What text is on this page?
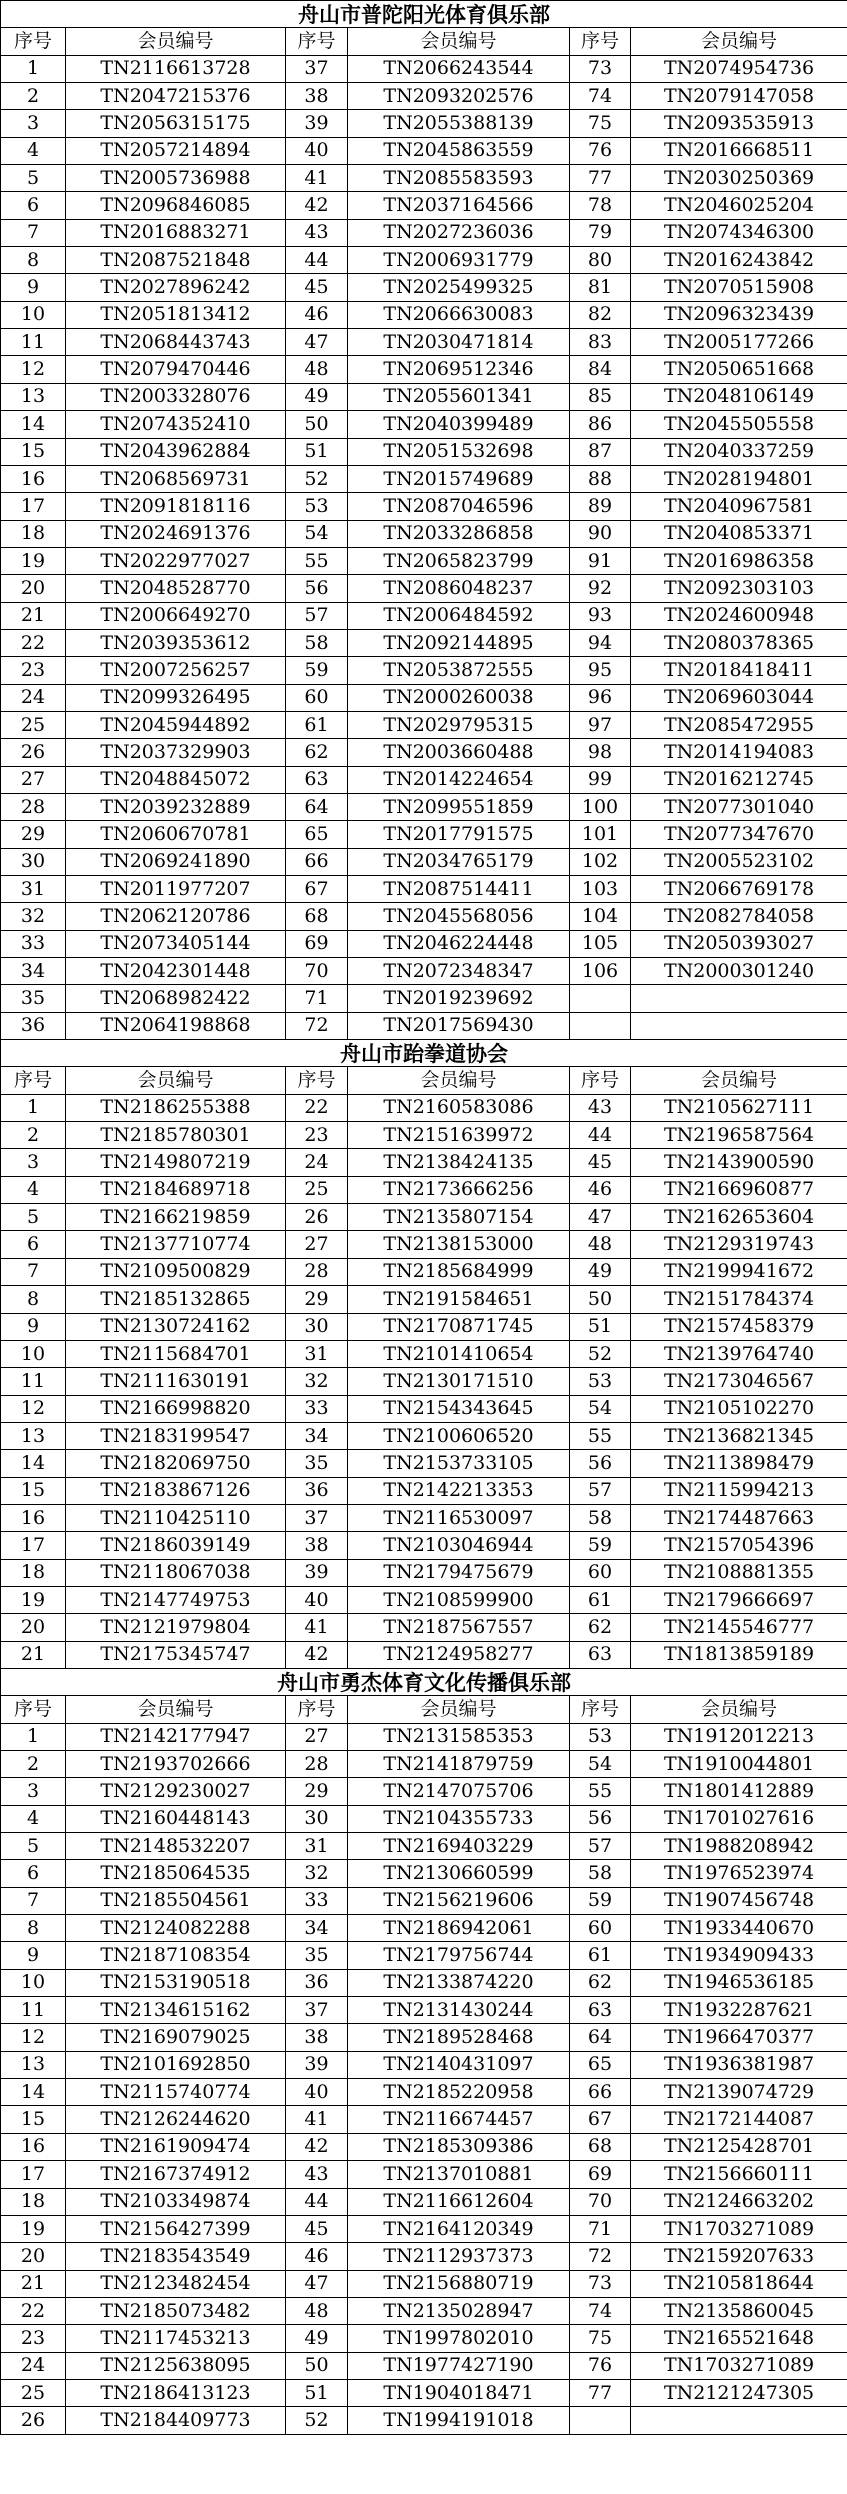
舟山市普陀阳光体育俱乐部					
序号	会员编号	序号	会员编号	序号	会员编号
1	TN2116613728	37	TN2066243544	73	TN2074954736
2	TN2047215376	38	TN2093202576	74	TN2079147058
3	TN2056315175	39	TN2055388139	75	TN2093535913
4	TN2057214894	40	TN2045863559	76	TN2016668511
5	TN2005736988	41	TN2085583593	77	TN2030250369
6	TN2096846085	42	TN2037164566	78	TN2046025204
7	TN2016883271	43	TN2027236036	79	TN2074346300
8	TN2087521848	44	TN2006931779	80	TN2016243842
9	TN2027896242	45	TN2025499325	81	TN2070515908
10	TN2051813412	46	TN2066630083	82	TN2096323439
11	TN2068443743	47	TN2030471814	83	TN2005177266
12	TN2079470446	48	TN2069512346	84	TN2050651668
13	TN2003328076	49	TN2055601341	85	TN2048106149
14	TN2074352410	50	TN2040399489	86	TN2045505558
15	TN2043962884	51	TN2051532698	87	TN2040337259
16	TN2068569731	52	TN2015749689	88	TN2028194801
17	TN2091818116	53	TN2087046596	89	TN2040967581
18	TN2024691376	54	TN2033286858	90	TN2040853371
19	TN2022977027	55	TN2065823799	91	TN2016986358
20	TN2048528770	56	TN2086048237	92	TN2092303103
21	TN2006649270	57	TN2006484592	93	TN2024600948
22	TN2039353612	58	TN2092144895	94	TN2080378365
23	TN2007256257	59	TN2053872555	95	TN2018418411
24	TN2099326495	60	TN2000260038	96	TN2069603044
25	TN2045944892	61	TN2029795315	97	TN2085472955
26	TN2037329903	62	TN2003660488	98	TN2014194083
27	TN2048845072	63	TN2014224654	99	TN2016212745
28	TN2039232889	64	TN2099551859	100	TN2077301040
29	TN2060670781	65	TN2017791575	101	TN2077347670
30	TN2069241890	66	TN2034765179	102	TN2005523102
31	TN2011977207	67	TN2087514411	103	TN2066769178
32	TN2062120786	68	TN2045568056	104	TN2082784058
33	TN2073405144	69	TN2046224448	105	TN2050393027
34	TN2042301448	70	TN2072348347	106	TN2000301240
35	TN2068982422	71	TN2019239692		
36	TN2064198868	72	TN2017569430		
舟山市跆拳道协会					
序号	会员编号	序号	会员编号	序号	会员编号
1	TN2186255388	22	TN2160583086	43	TN2105627111
2	TN2185780301	23	TN2151639972	44	TN2196587564
3	TN2149807219	24	TN2138424135	45	TN2143900590
4	TN2184689718	25	TN2173666256	46	TN2166960877
5	TN2166219859	26	TN2135807154	47	TN2162653604
6	TN2137710774	27	TN2138153000	48	TN2129319743
7	TN2109500829	28	TN2185684999	49	TN2199941672
8	TN2185132865	29	TN2191584651	50	TN2151784374
9	TN2130724162	30	TN2170871745	51	TN2157458379
10	TN2115684701	31	TN2101410654	52	TN2139764740
11	TN2111630191	32	TN2130171510	53	TN2173046567
12	TN2166998820	33	TN2154343645	54	TN2105102270
13	TN2183199547	34	TN2100606520	55	TN2136821345
14	TN2182069750	35	TN2153733105	56	TN2113898479
15	TN2183867126	36	TN2142213353	57	TN2115994213
16	TN2110425110	37	TN2116530097	58	TN2174487663
17	TN2186039149	38	TN2103046944	59	TN2157054396
18	TN2118067038	39	TN2179475679	60	TN2108881355
19	TN2147749753	40	TN2108599900	61	TN2179666697
20	TN2121979804	41	TN2187567557	62	TN2145546777
21	TN2175345747	42	TN2124958277	63	TN1813859189
舟山市勇杰体育文化传播俱乐部					
序号	会员编号	序号	会员编号	序号	会员编号
1	TN2142177947	27	TN2131585353	53	TN1912012213
2	TN2193702666	28	TN2141879759	54	TN1910044801
3	TN2129230027	29	TN2147075706	55	TN1801412889
4	TN2160448143	30	TN2104355733	56	TN1701027616
5	TN2148532207	31	TN2169403229	57	TN1988208942
6	TN2185064535	32	TN2130660599	58	TN1976523974
7	TN2185504561	33	TN2156219606	59	TN1907456748
8	TN2124082288	34	TN2186942061	60	TN1933440670
9	TN2187108354	35	TN2179756744	61	TN1934909433
10	TN2153190518	36	TN2133874220	62	TN1946536185
11	TN2134615162	37	TN2131430244	63	TN1932287621
12	TN2169079025	38	TN2189528468	64	TN1966470377
13	TN2101692850	39	TN2140431097	65	TN1936381987
14	TN2115740774	40	TN2185220958	66	TN2139074729
15	TN2126244620	41	TN2116674457	67	TN2172144087
16	TN2161909474	42	TN2185309386	68	TN2125428701
17	TN2167374912	43	TN2137010881	69	TN2156660111
18	TN2103349874	44	TN2116612604	70	TN2124663202
19	TN2156427399	45	TN2164120349	71	TN1703271089
20	TN2183543549	46	TN2112937373	72	TN2159207633
21	TN2123482454	47	TN2156880719	73	TN2105818644
22	TN2185073482	48	TN2135028947	74	TN2135860045
23	TN2117453213	49	TN1997802010	75	TN2165521648
24	TN2125638095	50	TN1977427190	76	TN1703271089
25	TN2186413123	51	TN1904018471	77	TN2121247305
26	TN2184409773	52	TN1994191018		
